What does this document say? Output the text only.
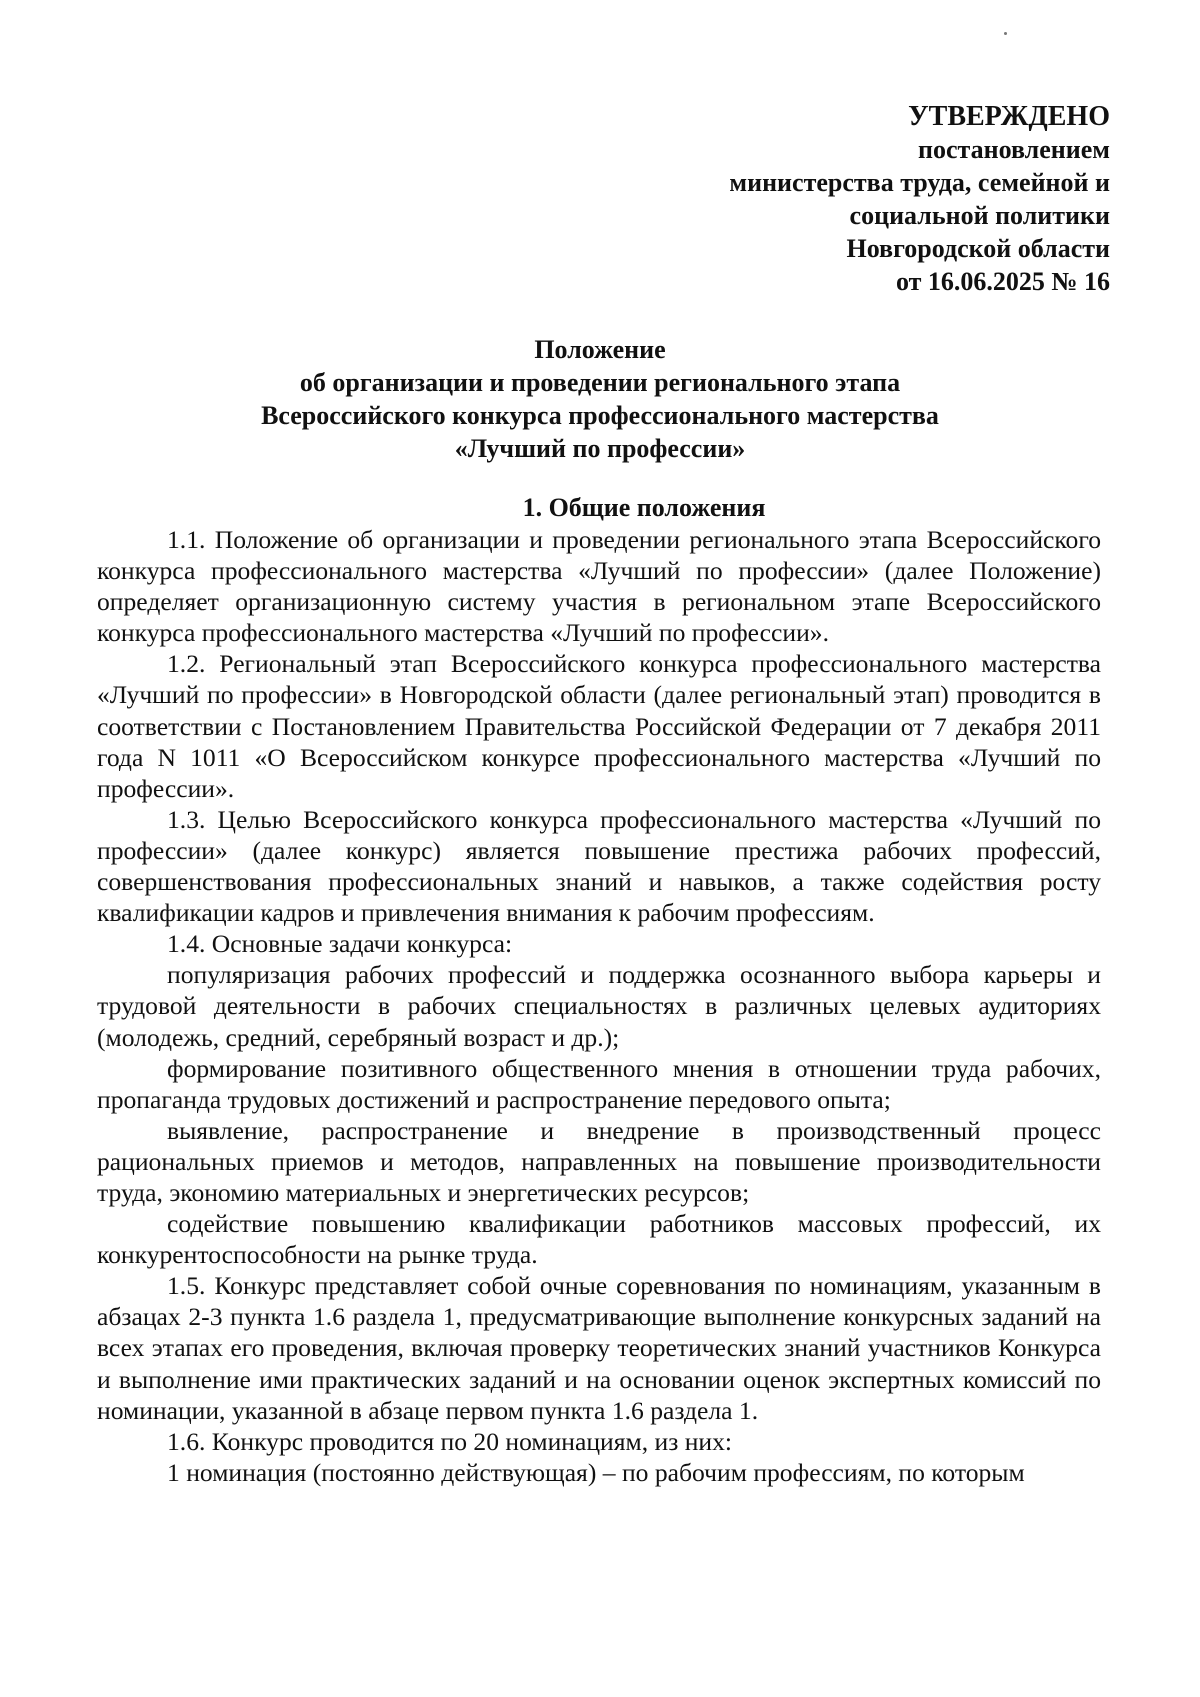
УТВЕРЖДЕНО
постановлением
министерства труда, семейной и
социальной политики
Новгородской области
от 16.06.2025 № 16
Положение
об организации и проведении регионального этапа
Всероссийского конкурса профессионального мастерства
«Лучший по профессии»
1. Общие положения

1.1. Положение об организации и проведении регионального этапа Всероссийского конкурса профессионального мастерства «Лучший по профессии» (далее Положение) определяет организационную систему участия в региональном этапе Всероссийского конкурса профессионального мастерства «Лучший по профессии».

1.2. Региональный этап Всероссийского конкурса профессионального мастерства «Лучший по профессии» в Новгородской области (далее региональный этап) проводится в соответствии с Постановлением Правительства Российской Федерации от 7 декабря 2011 года N 1011 «О Всероссийском конкурсе профессионального мастерства «Лучший по профессии».

1.3. Целью Всероссийского конкурса профессионального мастерства «Лучший по профессии» (далее конкурс) является повышение престижа рабочих профессий, совершенствования профессиональных знаний и навыков, а также содействия росту квалификации кадров и привлечения внимания к рабочим профессиям.

1.4. Основные задачи конкурса:

популяризация рабочих профессий и поддержка осознанного выбора карьеры и трудовой деятельности в рабочих специальностях в различных целевых аудиториях (молодежь, средний, серебряный возраст и др.);

формирование позитивного общественного мнения в отношении труда рабочих, пропаганда трудовых достижений и распространение передового опыта;

выявление, распространение и внедрение в производственный процесс рациональных приемов и методов, направленных на повышение производительности труда, экономию материальных и энергетических ресурсов;

содействие повышению квалификации работников массовых профессий, их конкурентоспособности на рынке труда.

1.5. Конкурс представляет собой очные соревнования по номинациям, указанным в абзацах 2-3 пункта 1.6 раздела 1, предусматривающие выполнение конкурсных заданий на всех этапах его проведения, включая проверку теоретических знаний участников Конкурса и выполнение ими практических заданий и на основании оценок экспертных комиссий по номинации, указанной в абзаце первом пункта 1.6 раздела 1.

1.6. Конкурс проводится по 20 номинациям, из них:

1 номинация (постоянно действующая) – по рабочим профессиям, по которым
